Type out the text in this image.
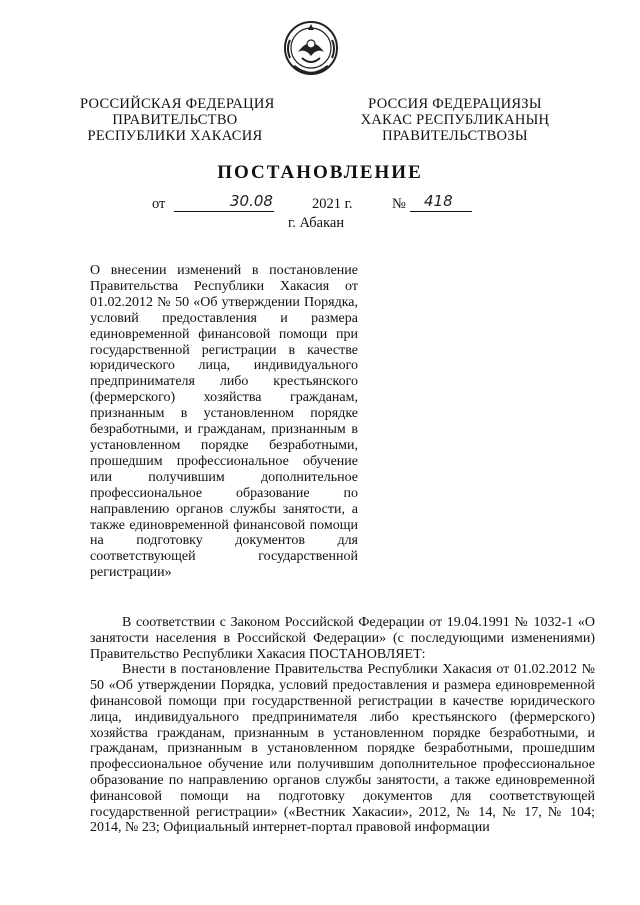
РОССИЙСКАЯ ФЕДЕРАЦИЯ
ПРАВИТЕЛЬСТВО
РЕСПУБЛИКИ ХАКАСИЯ
РОССИЯ ФЕДЕРАЦИЯЗЫ
ХАКАС РЕСПУБЛИКАНЫҢ
ПРАВИТЕЛЬСТВОЗЫ
ПОСТАНОВЛЕНИЕ
от	30.08	2021 г.	№ 418
г. Абакан
О внесении изменений в постановление Правительства Республики Хакасия от 01.02.2012 № 50 «Об утверждении Порядка, условий предоставления и размера единовременной финансовой помощи при государственной регистрации в качестве юридического лица, индивидуального предпринимателя либо крестьянского (фермерского) хозяйства гражданам, признанным в установленном порядке безработными, и гражданам, признанным в установленном порядке безработными, прошедшим профессиональное обучение или получившим дополнительное профессиональное образование по направлению органов службы занятости, а также единовременной финансовой помощи на подготовку документов для соответствующей государственной регистрации»

В соответствии с Законом Российской Федерации от 19.04.1991 № 1032-1 «О занятости населения в Российской Федерации» (с последующими изменениями) Правительство Республики Хакасия ПОСТАНОВЛЯЕТ:

Внести в постановление Правительства Республики Хакасия от 01.02.2012 № 50 «Об утверждении Порядка, условий предоставления и размера единовременной финансовой помощи при государственной регистрации в качестве юридического лица, индивидуального предпринимателя либо крестьянского (фермерского) хозяйства гражданам, признанным в установленном порядке безработными, и гражданам, признанным в установленном порядке безработными, прошедшим профессиональное обучение или получившим дополнительное профессиональное образование по направлению органов службы занятости, а также единовременной финансовой помощи на подготовку документов для соответствующей государственной регистрации» («Вестник Хакасии», 2012, № 14, № 17, № 104; 2014, № 23; Официальный интернет-портал правовой информации
